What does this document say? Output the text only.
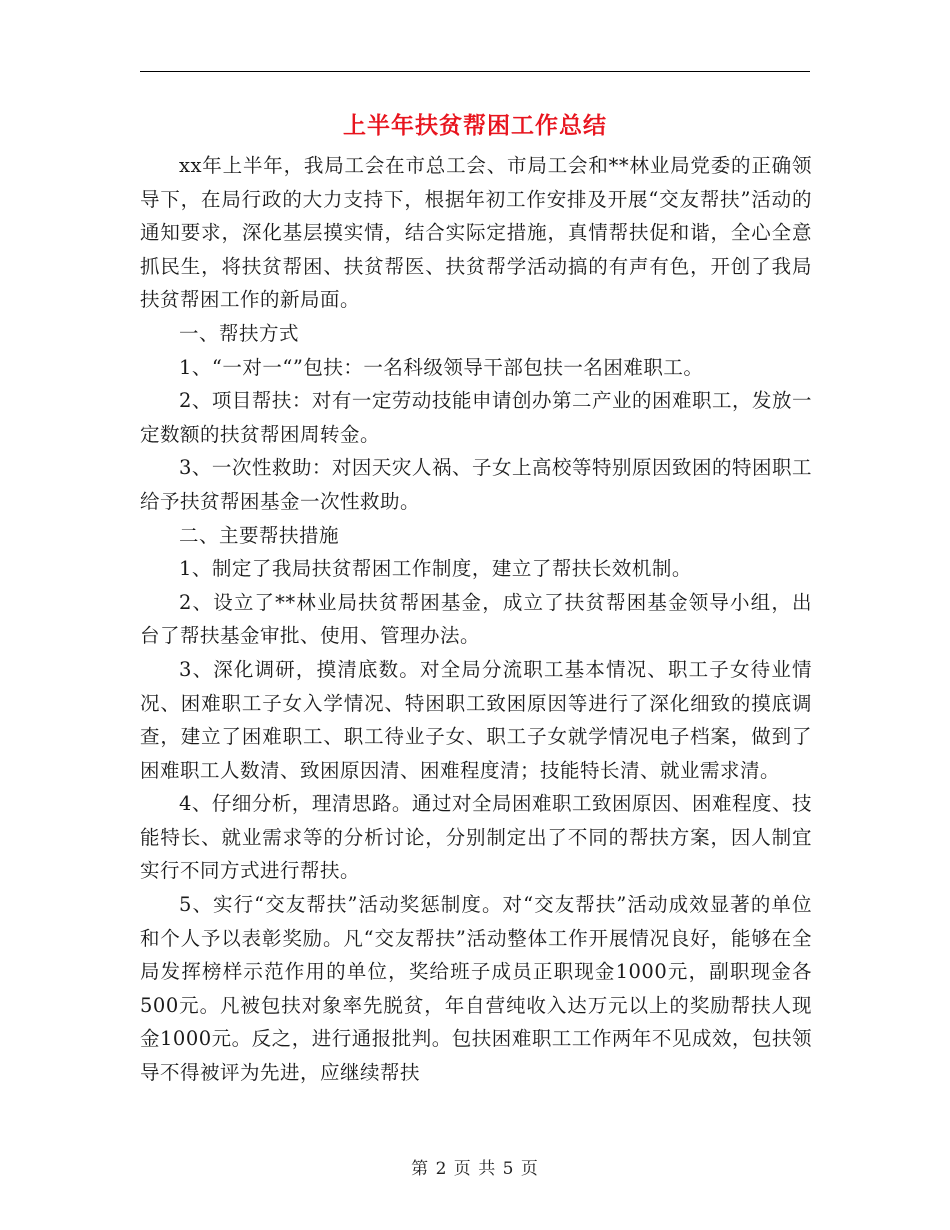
上半年扶贫帮困工作总结

xx年上半年，我局工会在市总工会、市局工会和**林业局党委的正确领导下，在局行政的大力支持下，根据年初工作安排及开展“交友帮扶”活动的通知要求，深化基层摸实情，结合实际定措施，真情帮扶促和谐，全心全意抓民生，将扶贫帮困、扶贫帮医、扶贫帮学活动搞的有声有色，开创了我局扶贫帮困工作的新局面。

一、帮扶方式

1、“一对一“”包扶：一名科级领导干部包扶一名困难职工。

2、项目帮扶：对有一定劳动技能申请创办第二产业的困难职工，发放一定数额的扶贫帮困周转金。

3、一次性救助：对因天灾人祸、子女上高校等特别原因致困的特困职工给予扶贫帮困基金一次性救助。

二、主要帮扶措施

1、制定了我局扶贫帮困工作制度，建立了帮扶长效机制。

2、设立了**林业局扶贫帮困基金，成立了扶贫帮困基金领导小组，出台了帮扶基金审批、使用、管理办法。

3、深化调研，摸清底数。对全局分流职工基本情况、职工子女待业情况、困难职工子女入学情况、特困职工致困原因等进行了深化细致的摸底调查，建立了困难职工、职工待业子女、职工子女就学情况电子档案，做到了困难职工人数清、致困原因清、困难程度清；技能特长清、就业需求清。

4、仔细分析，理清思路。通过对全局困难职工致困原因、困难程度、技能特长、就业需求等的分析讨论，分别制定出了不同的帮扶方案，因人制宜实行不同方式进行帮扶。

5、实行“交友帮扶”活动奖惩制度。对“交友帮扶”活动成效显著的单位和个人予以表彰奖励。凡“交友帮扶”活动整体工作开展情况良好，能够在全局发挥榜样示范作用的单位，奖给班子成员正职现金1000元，副职现金各500元。凡被包扶对象率先脱贫，年自营纯收入达万元以上的奖励帮扶人现金1000元。反之，进行通报批判。包扶困难职工工作两年不见成效，包扶领导不得被评为先进，应继续帮扶

第 2 页 共 5 页
